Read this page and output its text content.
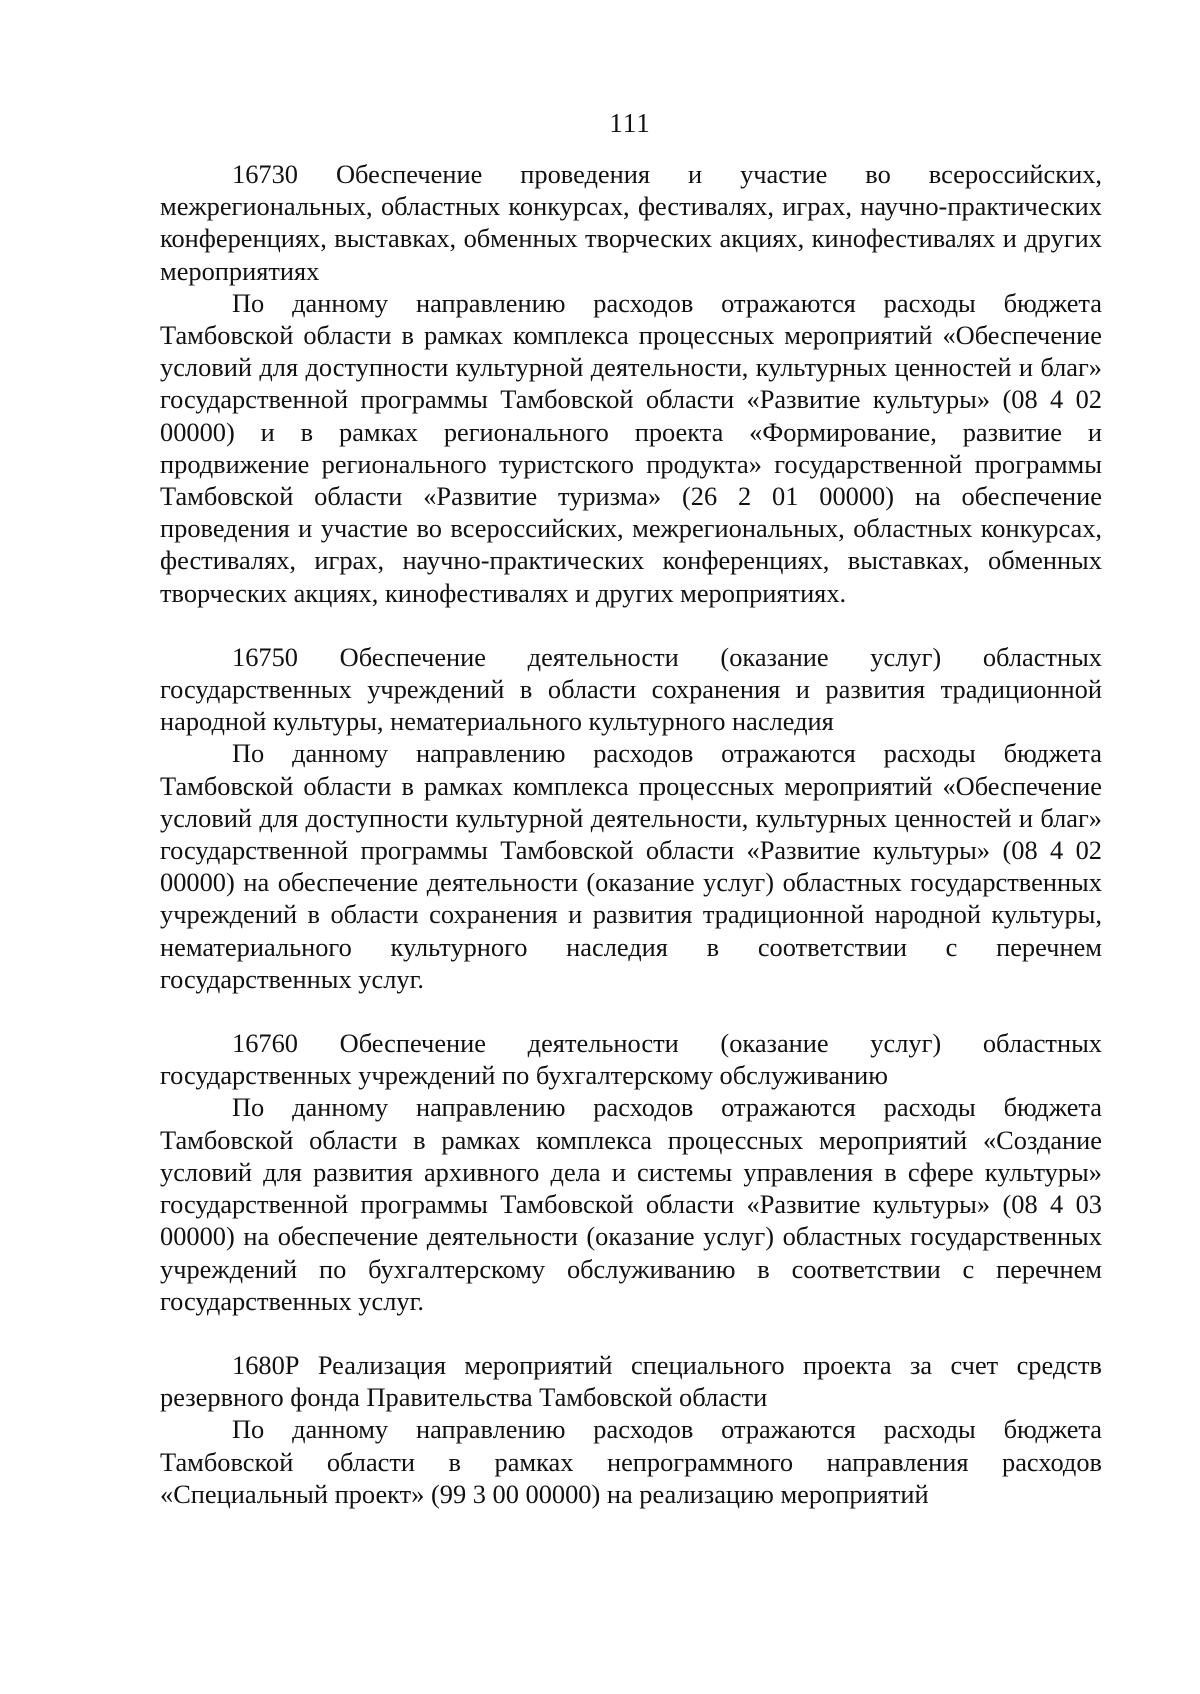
111

16730 Обеспечение проведения и участие во всероссийских, межрегиональных, областных конкурсах, фестивалях, играх, научно-практических конференциях, выставках, обменных творческих акциях, кинофестивалях и других мероприятиях

По данному направлению расходов отражаются расходы бюджета Тамбовской области в рамках комплекса процессных мероприятий «Обеспечение условий для доступности культурной деятельности, культурных ценностей и благ» государственной программы Тамбовской области «Развитие культуры» (08 4 02 00000) и в рамках регионального проекта «Формирование, развитие и продвижение регионального туристского продукта» государственной программы Тамбовской области «Развитие туризма» (26 2 01 00000) на обеспечение проведения и участие во всероссийских, межрегиональных, областных конкурсах, фестивалях, играх, научно-практических конференциях, выставках, обменных творческих акциях, кинофестивалях и других мероприятиях.

16750 Обеспечение деятельности (оказание услуг) областных государственных учреждений в области сохранения и развития традиционной народной культуры, нематериального культурного наследия

По данному направлению расходов отражаются расходы бюджета Тамбовской области в рамках комплекса процессных мероприятий «Обеспечение условий для доступности культурной деятельности, культурных ценностей и благ» государственной программы Тамбовской области «Развитие культуры» (08 4 02 00000) на обеспечение деятельности (оказание услуг) областных государственных учреждений в области сохранения и развития традиционной народной культуры, нематериального культурного наследия в соответствии с перечнем государственных услуг.

16760 Обеспечение деятельности (оказание услуг) областных государственных учреждений по бухгалтерскому обслуживанию

По данному направлению расходов отражаются расходы бюджета Тамбовской области в рамках комплекса процессных мероприятий «Создание условий для развития архивного дела и системы управления в сфере культуры» государственной программы Тамбовской области «Развитие культуры» (08 4 03 00000) на обеспечение деятельности (оказание услуг) областных государственных учреждений по бухгалтерскому обслуживанию в соответствии с перечнем государственных услуг.

1680Р Реализация мероприятий специального проекта за счет средств резервного фонда Правительства Тамбовской области

По данному направлению расходов отражаются расходы бюджета Тамбовской области в рамках непрограммного направления расходов «Специальный проект» (99 3 00 00000) на реализацию мероприятий
